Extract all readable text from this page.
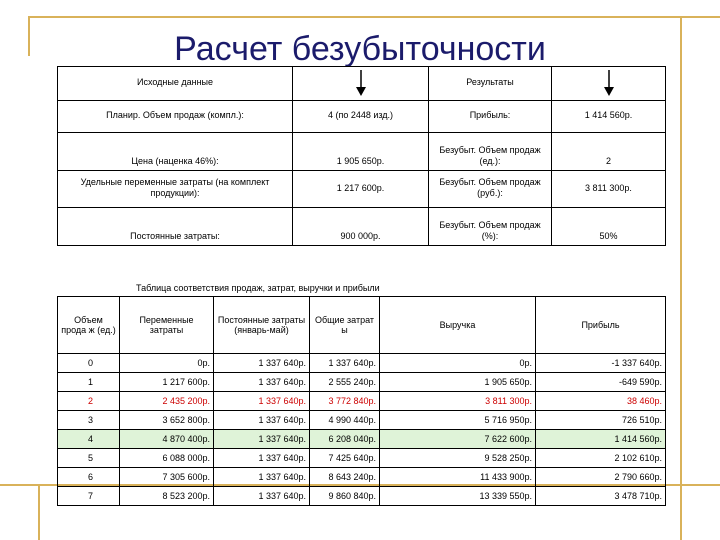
Расчет безубыточности
Исходные данные		Результаты	

Планир. Объем продаж (компл.):	4 (по 2448 изд.)	Прибыль:	1 414 560р.
Цена (наценка 46%):	1 905 650р.	Безубыт. Объем продаж (ед.):	2
Удельные переменные затраты (на комплект продукции):	1 217 600р.	Безубыт. Объем продаж (руб.):	3 811 300р.
Постоянные затраты:	900 000р.	Безубыт. Объем продаж (%):	50%
Таблица соответствия продаж, затрат, выручки и прибыли
Объем прода ж (ед.)	Переменные затраты	Постоянные затраты (январь-май)	Общие затрат ы	Выручка	Прибыль
0	0р.	1 337 640р.	1 337 640р.	0р.	-1 337 640р.
1	1 217 600р.	1 337 640р.	2 555 240р.	1 905 650р.	-649 590р.
2	2 435 200р.	1 337 640р.	3 772 840р.	3 811 300р.	38 460р.
3	3 652 800р.	1 337 640р.	4 990 440р.	5 716 950р.	726 510р.
4	4 870 400р.	1 337 640р.	6 208 040р.	7 622 600р.	1 414 560р.
5	6 088 000р.	1 337 640р.	7 425 640р.	9 528 250р.	2 102 610р.
6	7 305 600р.	1 337 640р.	8 643 240р.	11 433 900р.	2 790 660р.
7	8 523 200р.	1 337 640р.	9 860 840р.	13 339 550р.	3 478 710р.
